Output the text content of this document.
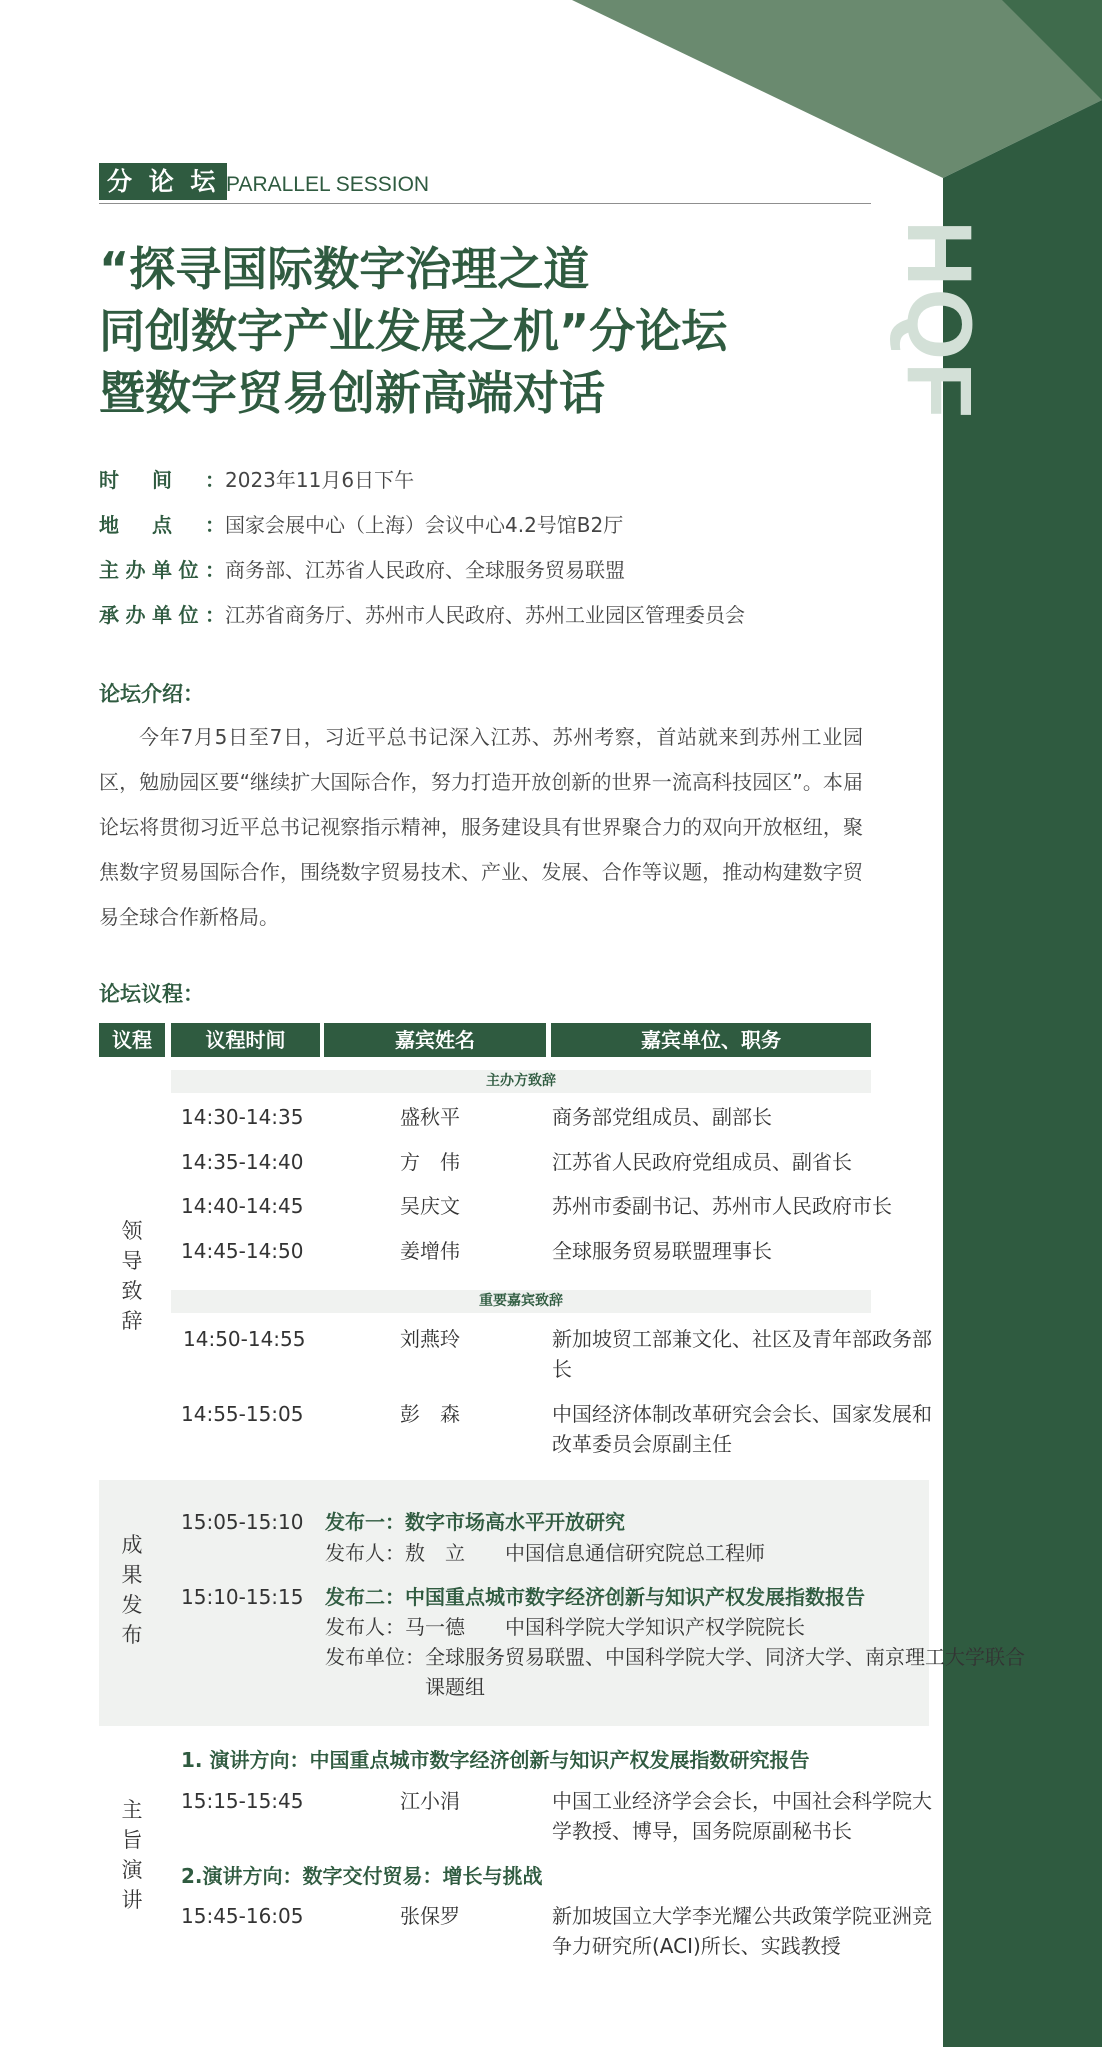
HQF
分 论 坛 PARALLEL SESSION
“探寻国际数字治理之道
同创数字产业发展之机”分论坛
暨数字贸易创新高端对话
时间：2023年11月6日下午
地点：国家会展中心（上海）会议中心4.2号馆B2厅
主办单位：商务部、江苏省人民政府、全球服务贸易联盟
承办单位：江苏省商务厅、苏州市人民政府、苏州工业园区管理委员会
论坛介绍：
今年7月5日至7日，习近平总书记深入江苏、苏州考察，首站就来到苏州工业园区，勉励园区要“继续扩大国际合作，努力打造开放创新的世界一流高科技园区”。本届论坛将贯彻习近平总书记视察指示精神，服务建设具有世界聚合力的双向开放枢纽，聚焦数字贸易国际合作，围绕数字贸易技术、产业、发展、合作等议题，推动构建数字贸易全球合作新格局。
论坛议程：
议程	议程时间	嘉宾姓名	嘉宾单位、职务
领导致辞
主办方致辞
14:30-14:35	盛秋平	商务部党组成员、副部长
14:35-14:40	方　伟	江苏省人民政府党组成员、副省长
14:40-14:45	吴庆文	苏州市委副书记、苏州市人民政府市长
14:45-14:50	姜增伟	全球服务贸易联盟理事长
重要嘉宾致辞
14:50-14:55	刘燕玲	新加坡贸工部兼文化、社区及青年部政务部长
14:55-15:05	彭　森	中国经济体制改革研究会会长、国家发展和改革委员会原副主任
成果发布
15:05-15:10 发布一：数字市场高水平开放研究
发布人：敖　立　　中国信息通信研究院总工程师
15:10-15:15 发布二：中国重点城市数字经济创新与知识产权发展指数报告
发布人：马一德　　中国科学院大学知识产权学院院长
发布单位：全球服务贸易联盟、中国科学院大学、同济大学、南京理工大学联合课题组
主旨演讲
1. 演讲方向：中国重点城市数字经济创新与知识产权发展指数研究报告
15:15-15:45	江小涓	中国工业经济学会会长，中国社会科学院大学教授、博导，国务院原副秘书长
2.演讲方向：数字交付贸易：增长与挑战
15:45-16:05	张保罗	新加坡国立大学李光耀公共政策学院亚洲竞争力研究所(ACI)所长、实践教授
